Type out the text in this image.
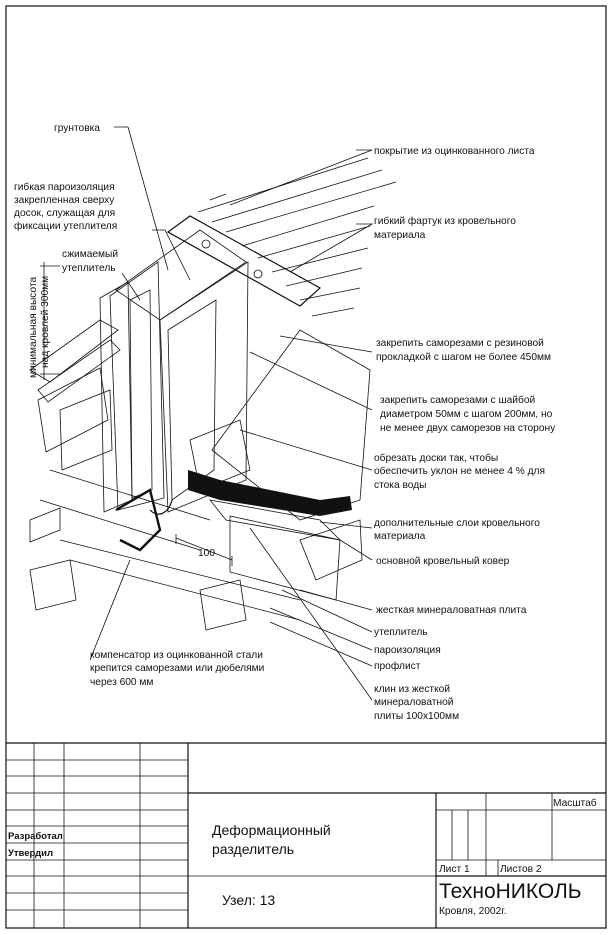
100
грунтовка
гибкая пароизоляция
закрепленная сверху
досок, служащая для
фиксации утеплителя
сжимаемый
утеплитель
минимальная высота над кровлей 300мм
покрытие из оцинкованного листа
гибкий фартук из кровельного
материала
закрепить саморезами с резиновой
прокладкой с шагом не более 450мм
закрепить саморезами с шайбой
диаметром 50мм с шагом 200мм, но
не менее двух саморезов на сторону
обрезать доски так, чтобы
обеспечить уклон не менее 4 % для
стока воды
дополнительные слои кровельного
материала
основной кровельный ковер
жесткая минераловатная плита
утеплитель
пароизоляция
профлист
клин из жесткой
минераловатной
плиты 100х100мм
компенсатор из оцинкованной стали
крепится саморезами или дюбелями
через 600 мм
Разработал
Утвердил
Деформационный
разделитель
Масштаб
Лист 1	Листов 2
Узел: 13	ТехноНИКОЛЬ
Кровля, 2002г.
